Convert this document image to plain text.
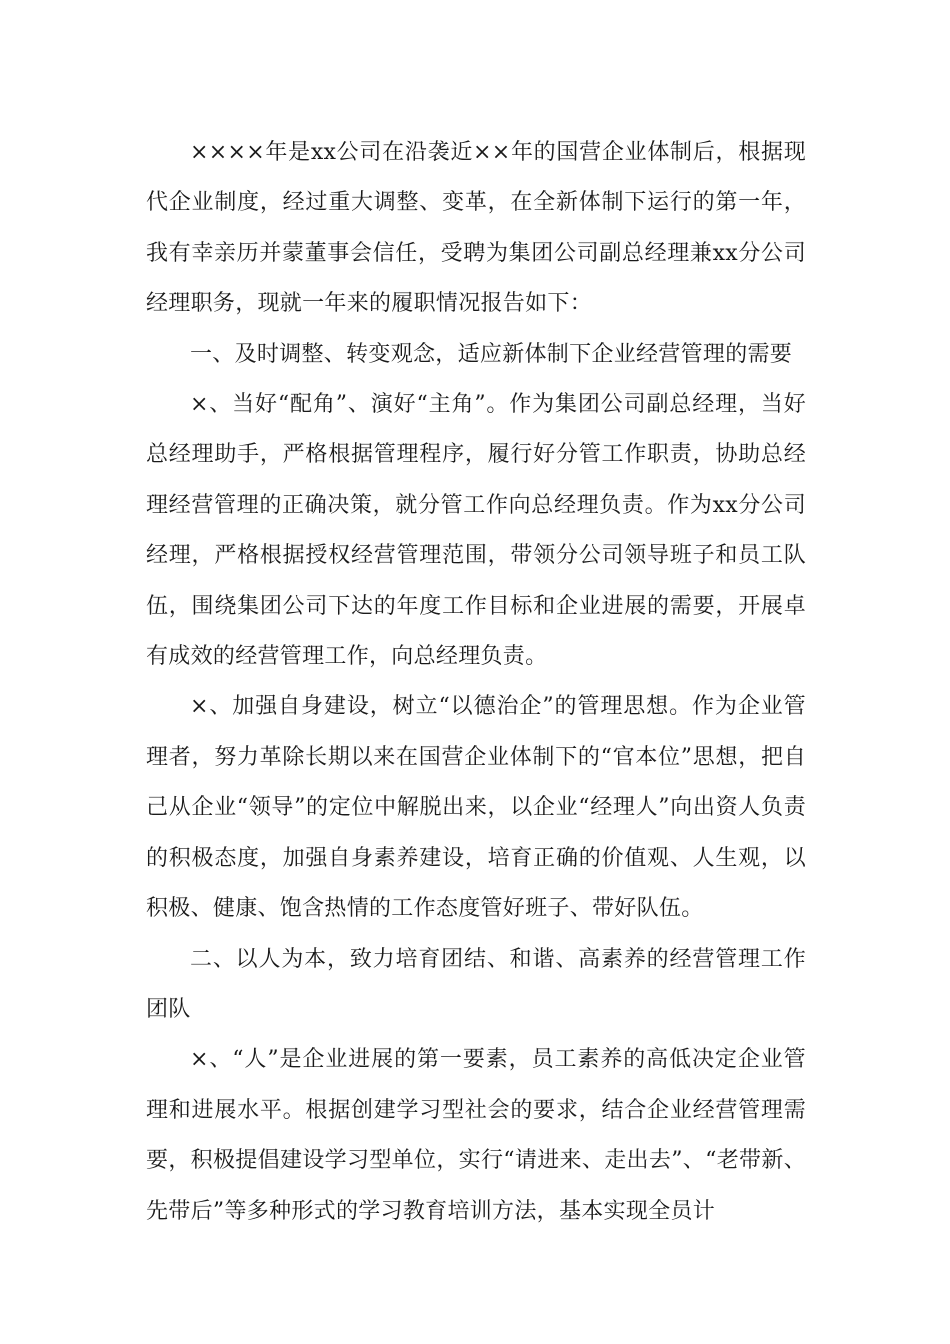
××××年是xx公司在沿袭近××年的国营企业体制后，根据现代企业制度，经过重大调整、变革，在全新体制下运行的第一年，我有幸亲历并蒙董事会信任，受聘为集团公司副总经理兼xx分公司经理职务，现就一年来的履职情况报告如下：

一、及时调整、转变观念，适应新体制下企业经营管理的需要

×、当好“配角”、演好“主角”。作为集团公司副总经理，当好总经理助手，严格根据管理程序，履行好分管工作职责，协助总经理经营管理的正确决策，就分管工作向总经理负责。作为xx分公司经理，严格根据授权经营管理范围，带领分公司领导班子和员工队伍，围绕集团公司下达的年度工作目标和企业进展的需要，开展卓有成效的经营管理工作，向总经理负责。

×、加强自身建设，树立“以德治企”的管理思想。作为企业管理者，努力革除长期以来在国营企业体制下的“官本位”思想，把自己从企业“领导”的定位中解脱出来，以企业“经理人”向出资人负责的积极态度，加强自身素养建设，培育正确的价值观、人生观，以积极、健康、饱含热情的工作态度管好班子、带好队伍。

二、以人为本，致力培育团结、和谐、高素养的经营管理工作团队

×、“人”是企业进展的第一要素，员工素养的高低决定企业管理和进展水平。根据创建学习型社会的要求，结合企业经营管理需要，积极提倡建设学习型单位，实行“请进来、走出去”、“老带新、先带后”等多种形式的学习教育培训方法，基本实现全员计
